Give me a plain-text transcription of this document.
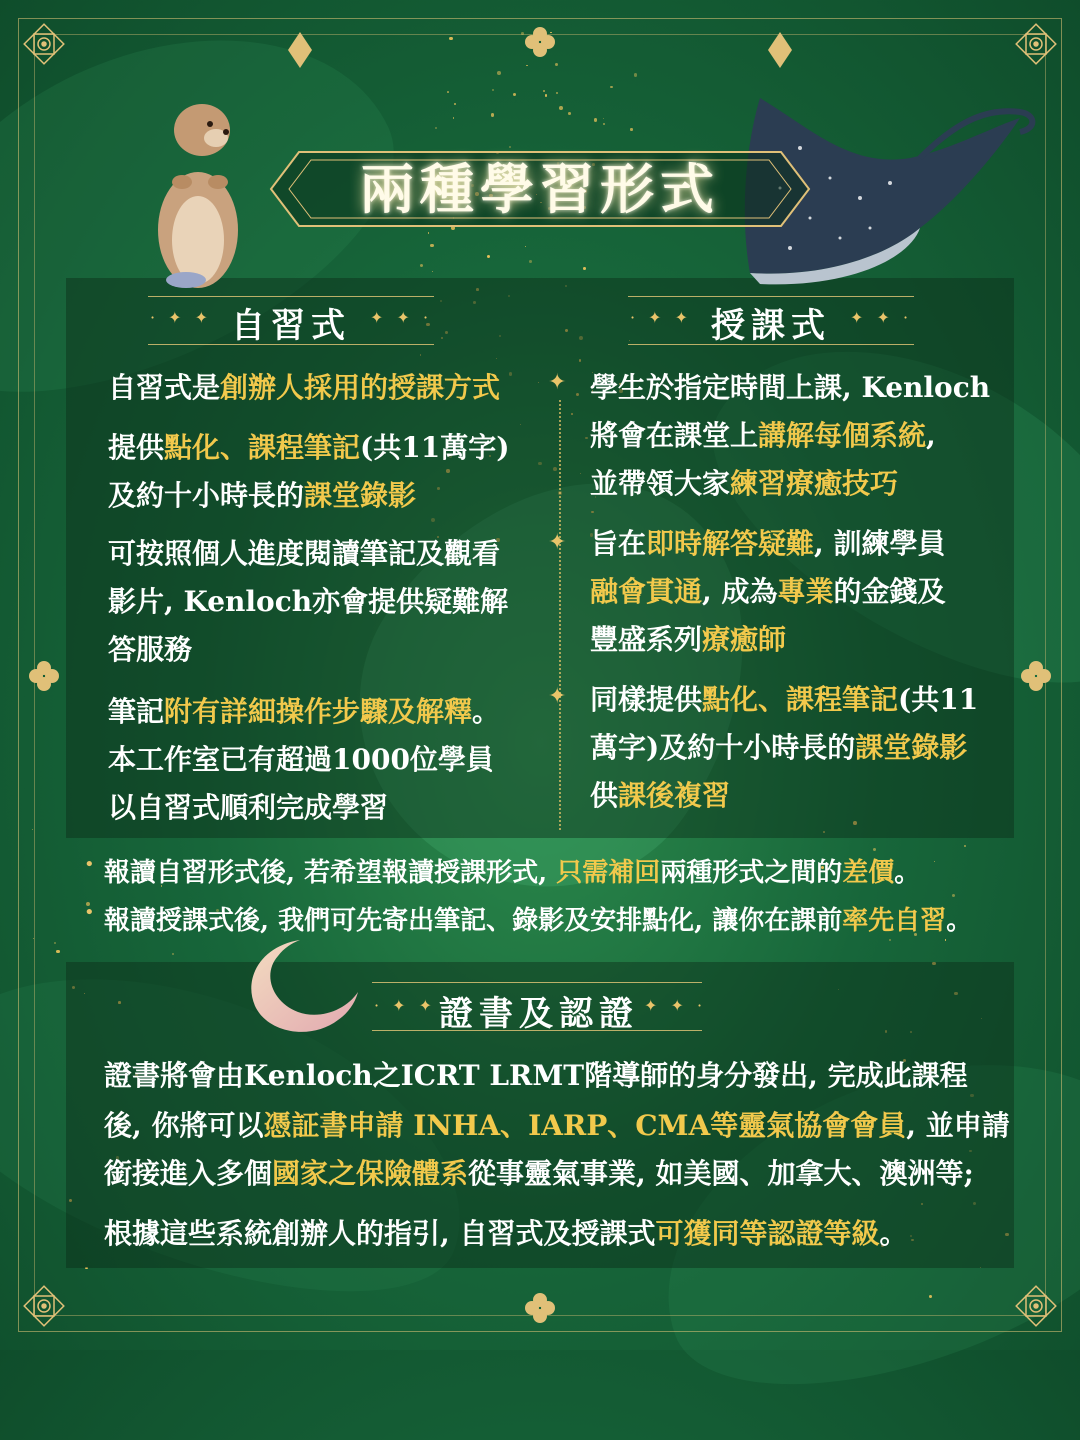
兩種學習形式
· ✦ ✦ 自習式	✦ ✦ ·	· ✦ ✦ 授課式	✦ ✦ ·
✦
✦
✦
自習式是創辦人採用的授課方式
提供點化、課程筆記(共11萬字)
及約十小時長的課堂錄影
可按照個人進度閱讀筆記及觀看
影片, Kenloch亦會提供疑難解
答服務
筆記附有詳細操作步驟及解釋。
本工作室已有超過1000位學員
以自習式順利完成學習
學生於指定時間上課, Kenloch
將會在課堂上講解每個系統,
並帶領大家練習療癒技巧
旨在即時解答疑難, 訓練學員
融會貫通, 成為專業的金錢及
豐盛系列療癒師
同樣提供點化、課程筆記(共11
萬字)及約十小時長的課堂錄影
供課後複習
• 報讀自習形式後, 若希望報讀授課形式, 只需補回兩種形式之間的差價。
• 報讀授課式後, 我們可先寄出筆記、錄影及安排點化, 讓你在課前率先自習。
· ✦ ✦ 證書及認證 ✦ ✦ ·
證書將會由Kenloch之ICRT LRMT階導師的身分發出, 完成此課程
後, 你將可以憑証書申請 INHA、IARP、CMA等靈氣協會會員, 並申請
銜接進入多個國家之保險體系從事靈氣事業, 如美國、加拿大、澳洲等;
根據這些系統創辦人的指引, 自習式及授課式可獲同等認證等級。
